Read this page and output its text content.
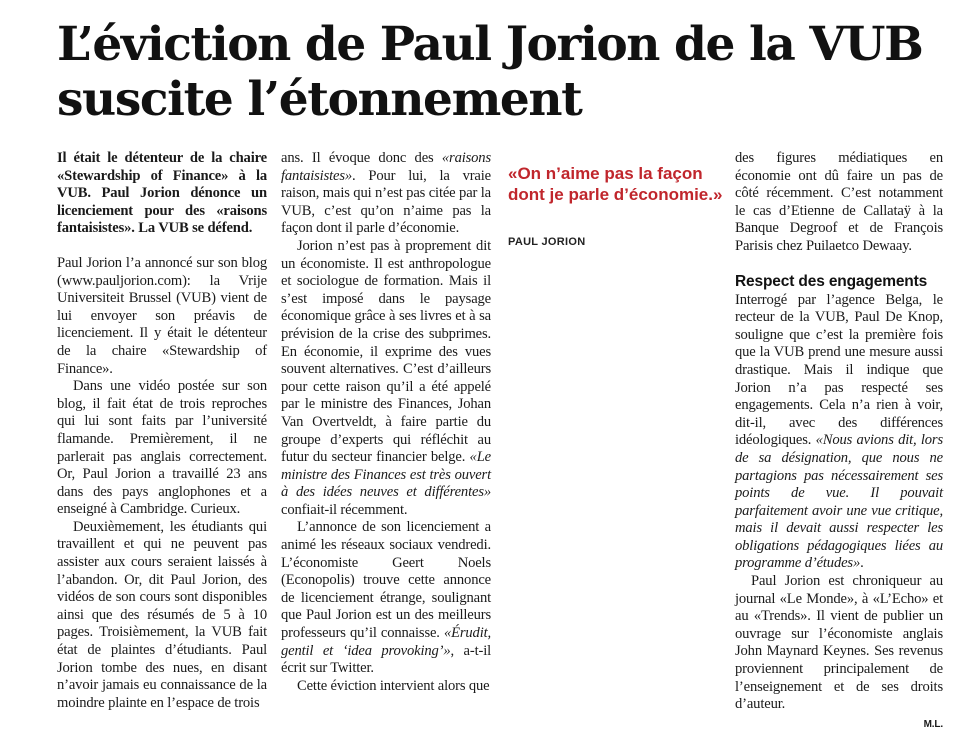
L’éviction de Paul Jorion de la VUB suscite l’étonnement

Il était le détenteur de la chaire «Stewardship of Finance» à la VUB. Paul Jorion dénonce un licenciement pour des «raisons fantaisistes». La VUB se défend.

Paul Jorion l’a annoncé sur son blog (www.pauljorion.com): la Vrije Universiteit Brussel (VUB) vient de lui envoyer son préavis de licenciement. Il y était le détenteur de la chaire «Stewardship of Finance».

Dans une vidéo postée sur son blog, il fait état de trois reproches qui lui sont faits par l’université flamande. Premièrement, il ne parlerait pas anglais correctement. Or, Paul Jorion a travaillé 23 ans dans des pays anglophones et a enseigné à Cambridge. Curieux.

Deuxièmement, les étudiants qui travaillent et qui ne peuvent pas assister aux cours seraient laissés à l’abandon. Or, dit Paul Jorion, des vidéos de son cours sont disponibles ainsi que des résumés de 5 à 10 pages. Troisièmement, la VUB fait état de plaintes d’étudiants. Paul Jorion tombe des nues, en disant n’avoir jamais eu connaissance de la moindre plainte en l’espace de trois

ans. Il évoque donc des «raisons fantaisistes». Pour lui, la vraie raison, mais qui n’est pas citée par la VUB, c’est qu’on n’aime pas la façon dont il parle d’économie.

Jorion n’est pas à proprement dit un économiste. Il est anthropologue et sociologue de formation. Mais il s’est imposé dans le paysage économique grâce à ses livres et à sa prévision de la crise des subprimes. En économie, il exprime des vues souvent alternatives. C’est d’ailleurs pour cette raison qu’il a été appelé par le ministre des Finances, Johan Van Overtveldt, à faire partie du groupe d’experts qui réfléchit au futur du secteur financier belge. «Le ministre des Finances est très ouvert à des idées neuves et différentes» confiait-il récemment.

L’annonce de son licenciement a animé les réseaux sociaux vendredi. L’économiste Geert Noels (Econopolis) trouve cette annonce de licenciement étrange, soulignant que Paul Jorion est un des meilleurs professeurs qu’il connaisse. «Érudit, gentil et ‘idea provoking’», a-t-il écrit sur Twitter.

Cette éviction intervient alors que

«On n’aime pas la façon dont je parle d’économie.»
PAUL JORION

des figures médiatiques en économie ont dû faire un pas de côté récemment. C’est notamment le cas d’Etienne de Callataÿ à la Banque Degroof et de François Parisis chez Puilaetco Dewaay.

Respect des engagements

Interrogé par l’agence Belga, le recteur de la VUB, Paul De Knop, souligne que c’est la première fois que la VUB prend une mesure aussi drastique. Mais il indique que Jorion n’a pas respecté ses engagements. Cela n’a rien à voir, dit-il, avec des différences idéologiques. «Nous avions dit, lors de sa désignation, que nous ne partagions pas nécessairement ses points de vue. Il pouvait parfaitement avoir une vue critique, mais il devait aussi respecter les obligations pédagogiques liées au programme d’études».

Paul Jorion est chroniqueur au journal «Le Monde», à «L’Echo» et au «Trends». Il vient de publier un ouvrage sur l’économiste anglais John Maynard Keynes. Ses revenus proviennent principalement de l’enseignement et de ses droits d’auteur.

M.L.
